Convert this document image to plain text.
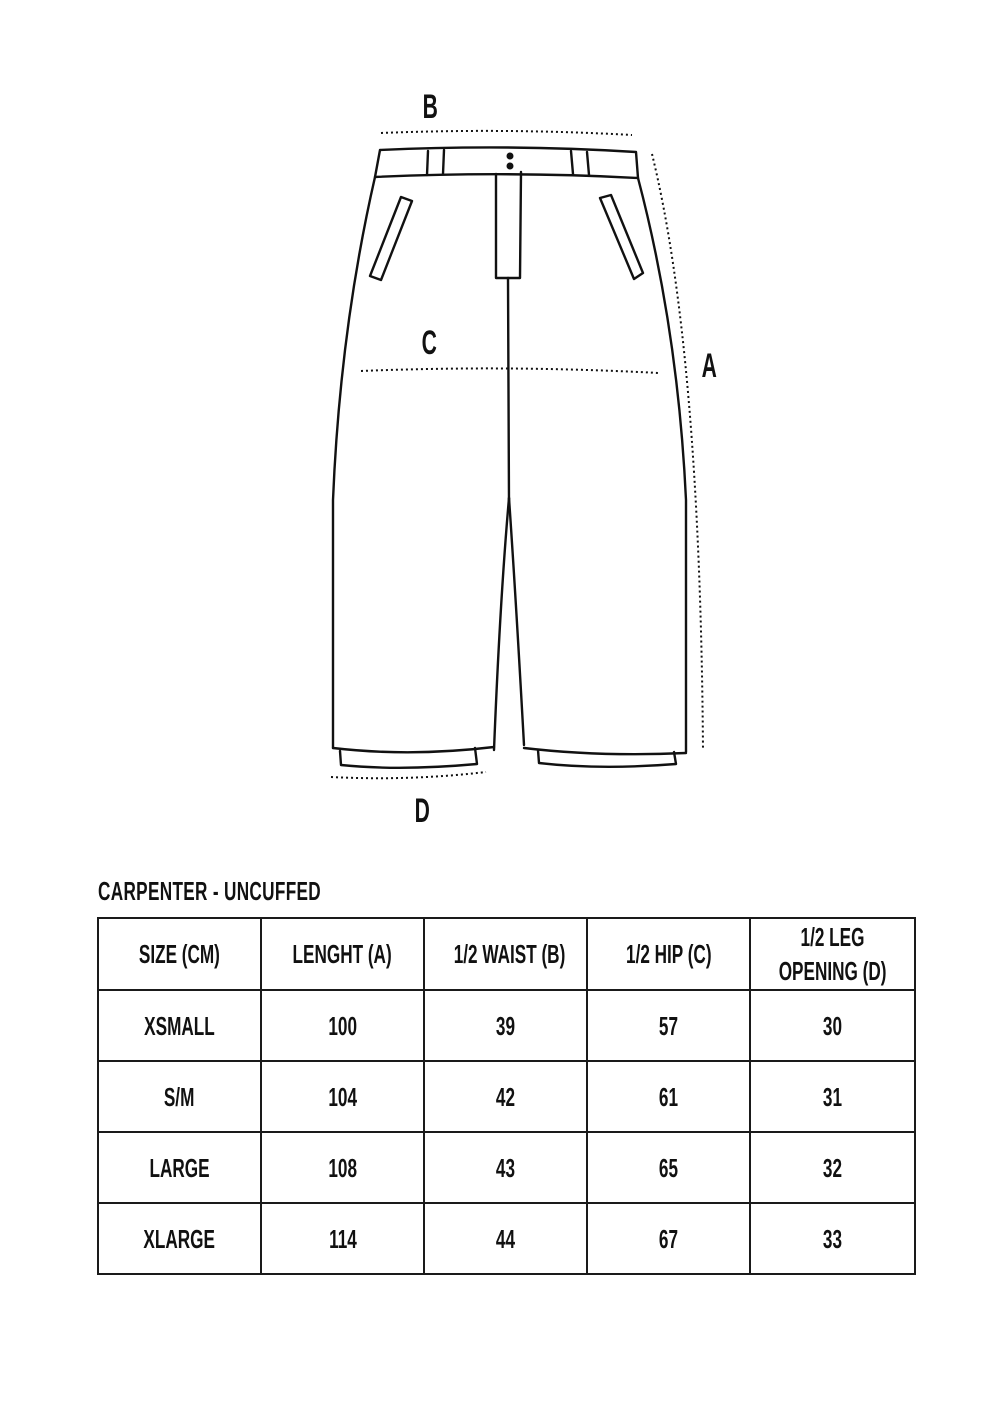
B
C
A
D
CARPENTER - UNCUFFED
SIZE (CM)	LENGHT (A)	1/2 WAIST (B)	1/2 HIP (C)	1/2 LEG
OPENING (D)

XSMALL	100	39	57	30
S/M	104	42	61	31
LARGE	108	43	65	32
XLARGE	114	44	67	33
